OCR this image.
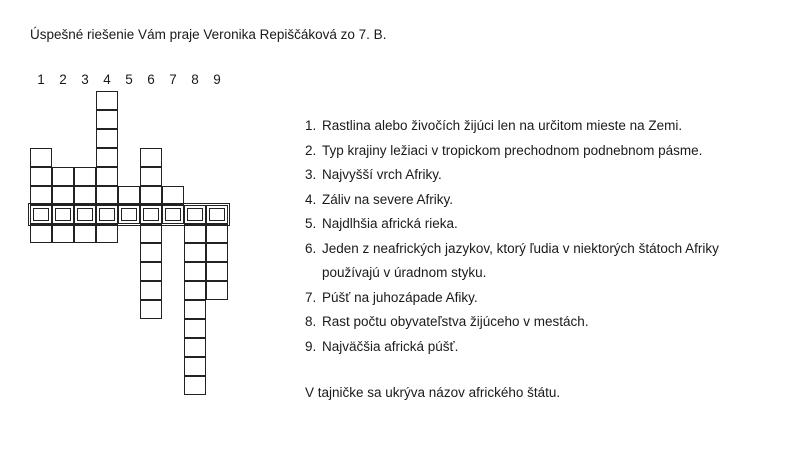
Úspešné riešenie Vám praje Veronika Repiščáková zo 7. B.
1	2	3	4	5	6	7	8	9
1. Rastlina alebo živočích žijúci len na určitom mieste na Zemi.
2. Typ krajiny ležiaci v tropickom prechodnom podnebnom pásme.
3. Najvyšší vrch Afriky.
4. Záliv na severe Afriky.
5. Najdlhšia africká rieka.
6. Jeden z neafrických jazykov, ktorý ľudia v niektorých štátoch Afriky
používajú v úradnom styku.
7. Púšť na juhozápade Afiky.
8. Rast počtu obyvateľstva žijúceho v mestách.
9. Najväčšia africká púšť.
V tajničke sa ukrýva názov afrického štátu.
